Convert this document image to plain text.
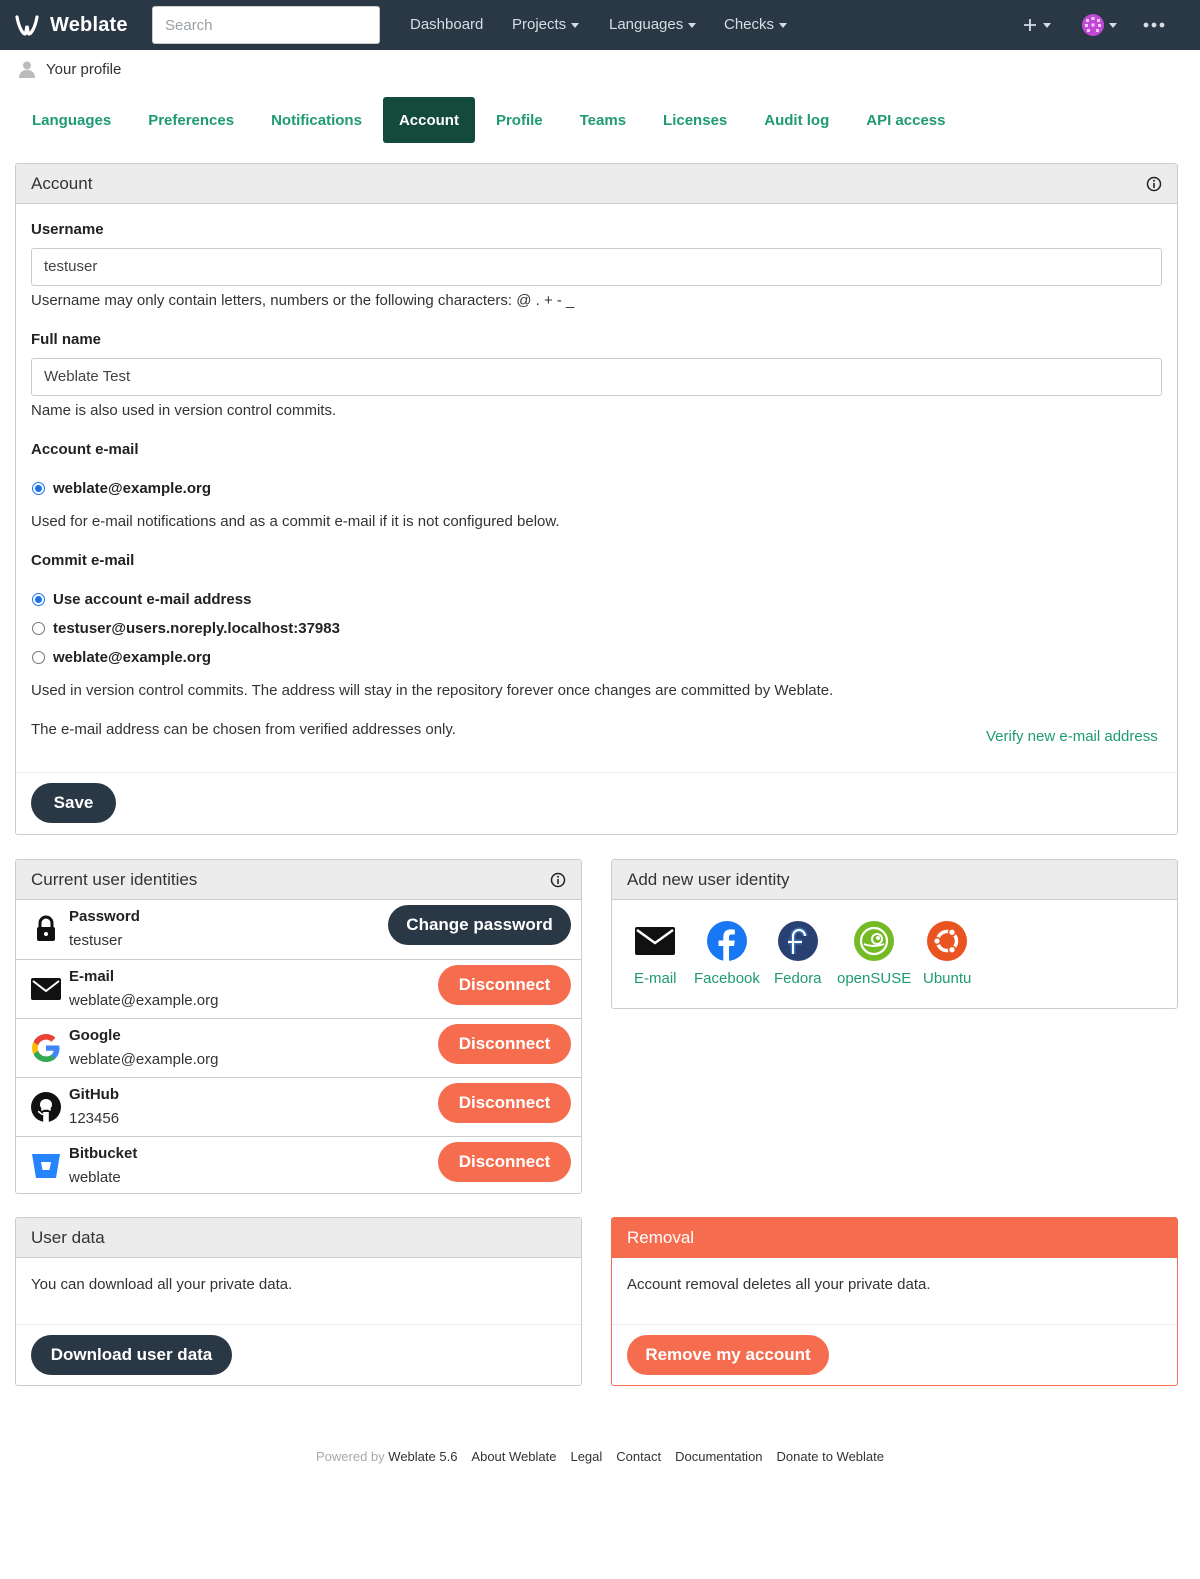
Weblate
Search	Dashboard Projects	Languages	Checks
Your profile
Languages	Preferences	Notifications	Account	Profile	Teams	Licenses	Audit log	API access
Account
Username
testuser
Username may only contain letters, numbers or the following characters: @ . + - _
Full name
Weblate Test
Name is also used in version control commits.
Account e-mail
weblate@example.org
Used for e-mail notifications and as a commit e-mail if it is not configured below.
Commit e-mail
Use account e-mail address
testuser@users.noreply.localhost:37983
weblate@example.org
Used in version control commits. The address will stay in the repository forever once changes are committed by Weblate.
The e-mail address can be chosen from verified addresses only.	Verify new e-mail address
Save
Current user identities
Password
testuser
Change password
E-mail
weblate@example.org
Disconnect
Google
weblate@example.org
Disconnect
GitHub
123456
Disconnect
Bitbucket
weblate
Disconnect
Add new user identity
E-mail Facebook Fedora openSUSE Ubuntu
User data
You can download all your private data.
Download user data
Removal
Account removal deletes all your private data.
Remove my account
Powered by Weblate 5.6 About Weblate Legal Contact Documentation Donate to Weblate
